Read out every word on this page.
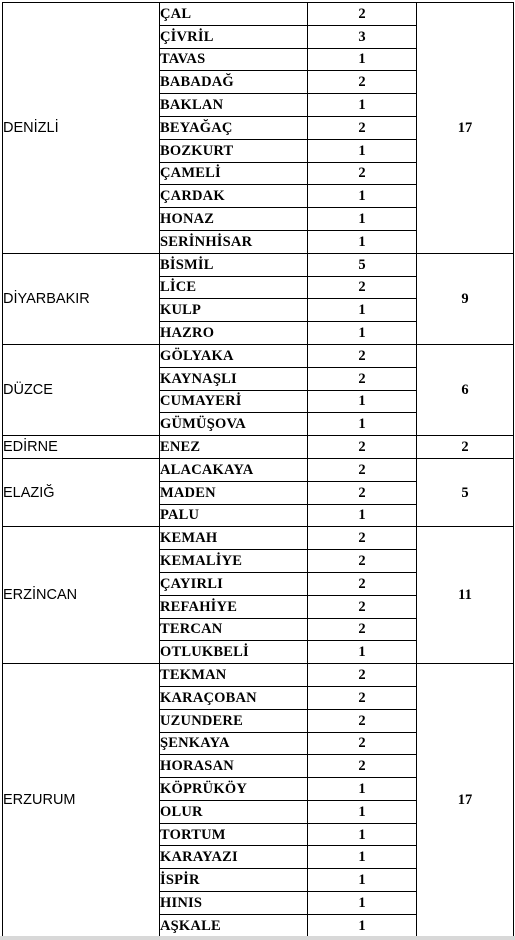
DENİZLİ	ÇAL	2	17
	ÇİVRİL	3	
	TAVAS	1	
	BABADAĞ	2	
	BAKLAN	1	
	BEYAĞAÇ	2	
	BOZKURT	1	
	ÇAMELİ	2	
	ÇARDAK	1	
	HONAZ	1	
	SERİNHİSAR	1	
DİYARBAKIR	BİSMİL	5	9
	LİCE	2	
	KULP	1	
	HAZRO	1	
DÜZCE	GÖLYAKA	2	6
	KAYNAŞLI	2	
	CUMAYERİ	1	
	GÜMÜŞOVA	1	
EDİRNE	ENEZ	2	2
ELAZIĞ	ALACAKAYA	2	5
	MADEN	2	
	PALU	1	
ERZİNCAN	KEMAH	2	11
	KEMALİYE	2	
	ÇAYIRLI	2	
	REFAHİYE	2	
	TERCAN	2	
	OTLUKBELİ	1	
ERZURUM	TEKMAN	2	17
	KARAÇOBAN	2	
	UZUNDERE	2	
	ŞENKAYA	2	
	HORASAN	2	
	KÖPRÜKÖY	1	
	OLUR	1	
	TORTUM	1	
	KARAYAZI	1	
	İSPİR	1	
	HINIS	1	
	AŞKALE	1	
